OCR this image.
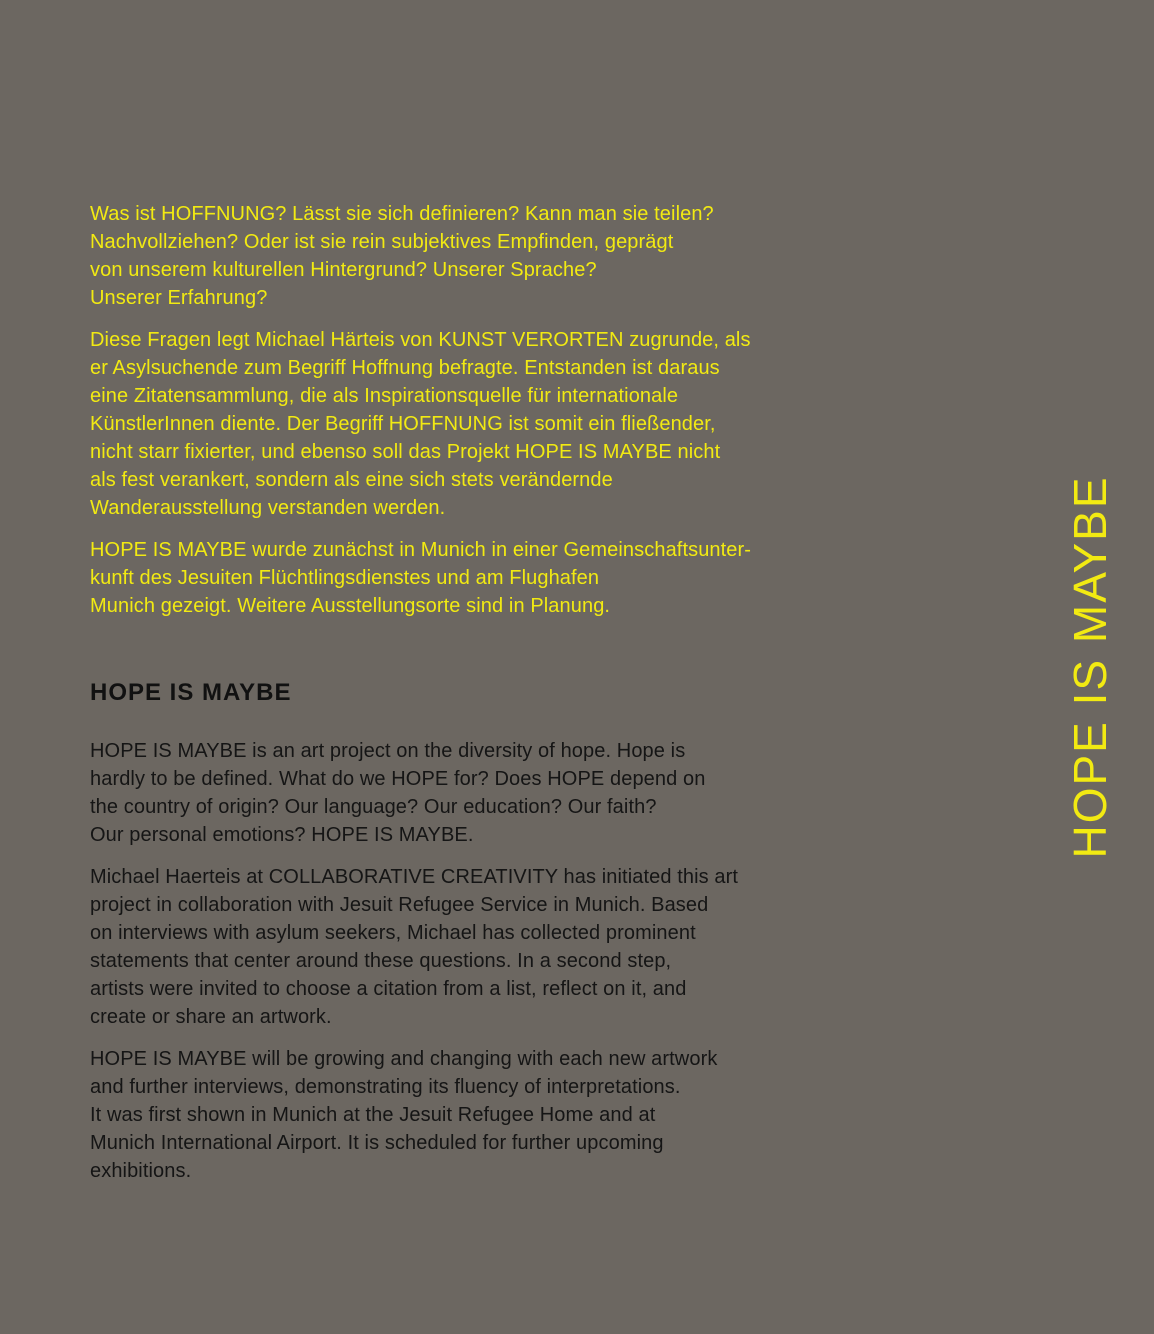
Was ist HOFFNUNG? Lässt sie sich definieren? Kann man sie teilen?
Nachvollziehen? Oder ist sie rein subjektives Empfinden, geprägt
von unserem kulturellen Hintergrund? Unserer Sprache?
Unserer Erfahrung?

Diese Fragen legt Michael Härteis von KUNST VERORTEN zugrunde, als
er Asylsuchende zum Begriff Hoffnung befragte. Entstanden ist daraus
eine Zitatensammlung, die als Inspirationsquelle für internationale
KünstlerInnen diente. Der Begriff HOFFNUNG ist somit ein fließender,
nicht starr fixierter, und ebenso soll das Projekt HOPE IS MAYBE nicht
als fest verankert, sondern als eine sich stets verändernde
Wanderausstellung verstanden werden.

HOPE IS MAYBE wurde zunächst in Munich in einer Gemeinschaftsunter-
kunft des Jesuiten Flüchtlingsdienstes und am Flughafen
Munich gezeigt. Weitere Ausstellungsorte sind in Planung.

HOPE IS MAYBE

HOPE IS MAYBE is an art project on the diversity of hope. Hope is
hardly to be defined. What do we HOPE for? Does HOPE depend on
the country of origin? Our language? Our education? Our faith?
Our personal emotions? HOPE IS MAYBE.

Michael Haerteis at COLLABORATIVE CREATIVITY has initiated this art
project in collaboration with Jesuit Refugee Service in Munich. Based
on interviews with asylum seekers, Michael has collected prominent
statements that center around these questions. In a second step,
artists were invited to choose a citation from a list, reflect on it, and
create or share an artwork.

HOPE IS MAYBE will be growing and changing with each new artwork
and further interviews, demonstrating its fluency of interpretations.
It was first shown in Munich at the Jesuit Refugee Home and at
Munich International Airport. It is scheduled for further upcoming
exhibitions.

HOPE IS MAYBE
